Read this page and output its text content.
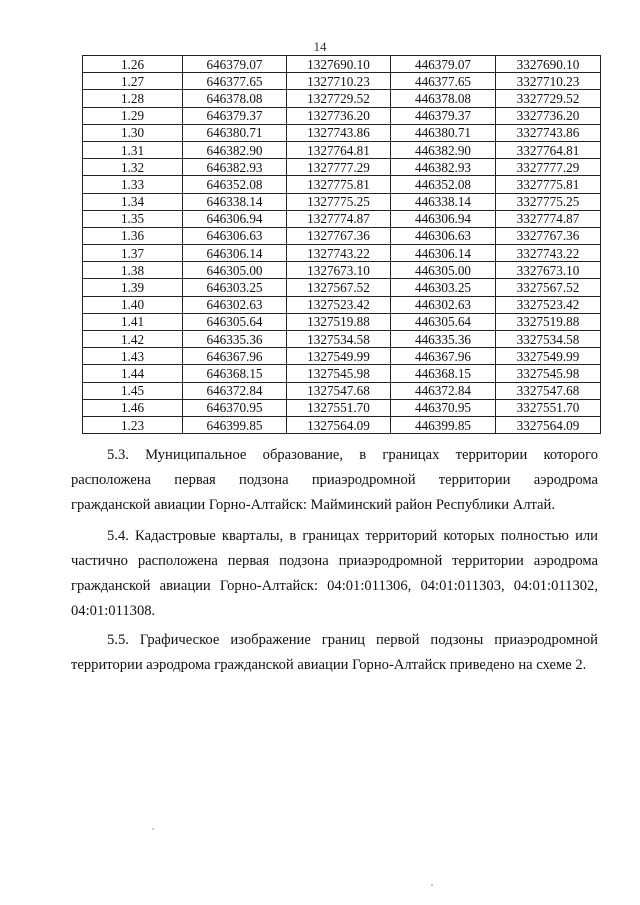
14
1.26	646379.07	1327690.10	446379.07	3327690.10
1.27	646377.65	1327710.23	446377.65	3327710.23
1.28	646378.08	1327729.52	446378.08	3327729.52
1.29	646379.37	1327736.20	446379.37	3327736.20
1.30	646380.71	1327743.86	446380.71	3327743.86
1.31	646382.90	1327764.81	446382.90	3327764.81
1.32	646382.93	1327777.29	446382.93	3327777.29
1.33	646352.08	1327775.81	446352.08	3327775.81
1.34	646338.14	1327775.25	446338.14	3327775.25
1.35	646306.94	1327774.87	446306.94	3327774.87
1.36	646306.63	1327767.36	446306.63	3327767.36
1.37	646306.14	1327743.22	446306.14	3327743.22
1.38	646305.00	1327673.10	446305.00	3327673.10
1.39	646303.25	1327567.52	446303.25	3327567.52
1.40	646302.63	1327523.42	446302.63	3327523.42
1.41	646305.64	1327519.88	446305.64	3327519.88
1.42	646335.36	1327534.58	446335.36	3327534.58
1.43	646367.96	1327549.99	446367.96	3327549.99
1.44	646368.15	1327545.98	446368.15	3327545.98
1.45	646372.84	1327547.68	446372.84	3327547.68
1.46	646370.95	1327551.70	446370.95	3327551.70
1.23	646399.85	1327564.09	446399.85	3327564.09

5.3. Муниципальное образование, в границах территории которого
расположена первая подзона приаэродромной территории аэродрома
гражданской авиации Горно-Алтайск: Майминский район Республики Алтай.

5.4. Кадастровые кварталы, в границах территорий которых полностью или частично расположена первая подзона приаэродромной территории аэродрома гражданской авиации Горно-Алтайск: 04:01:011306, 04:01:011303, 04:01:011302, 04:01:011308.

5.5. Графическое изображение границ первой подзоны приаэродромной территории аэродрома гражданской авиации Горно-Алтайск приведено на схеме 2.
